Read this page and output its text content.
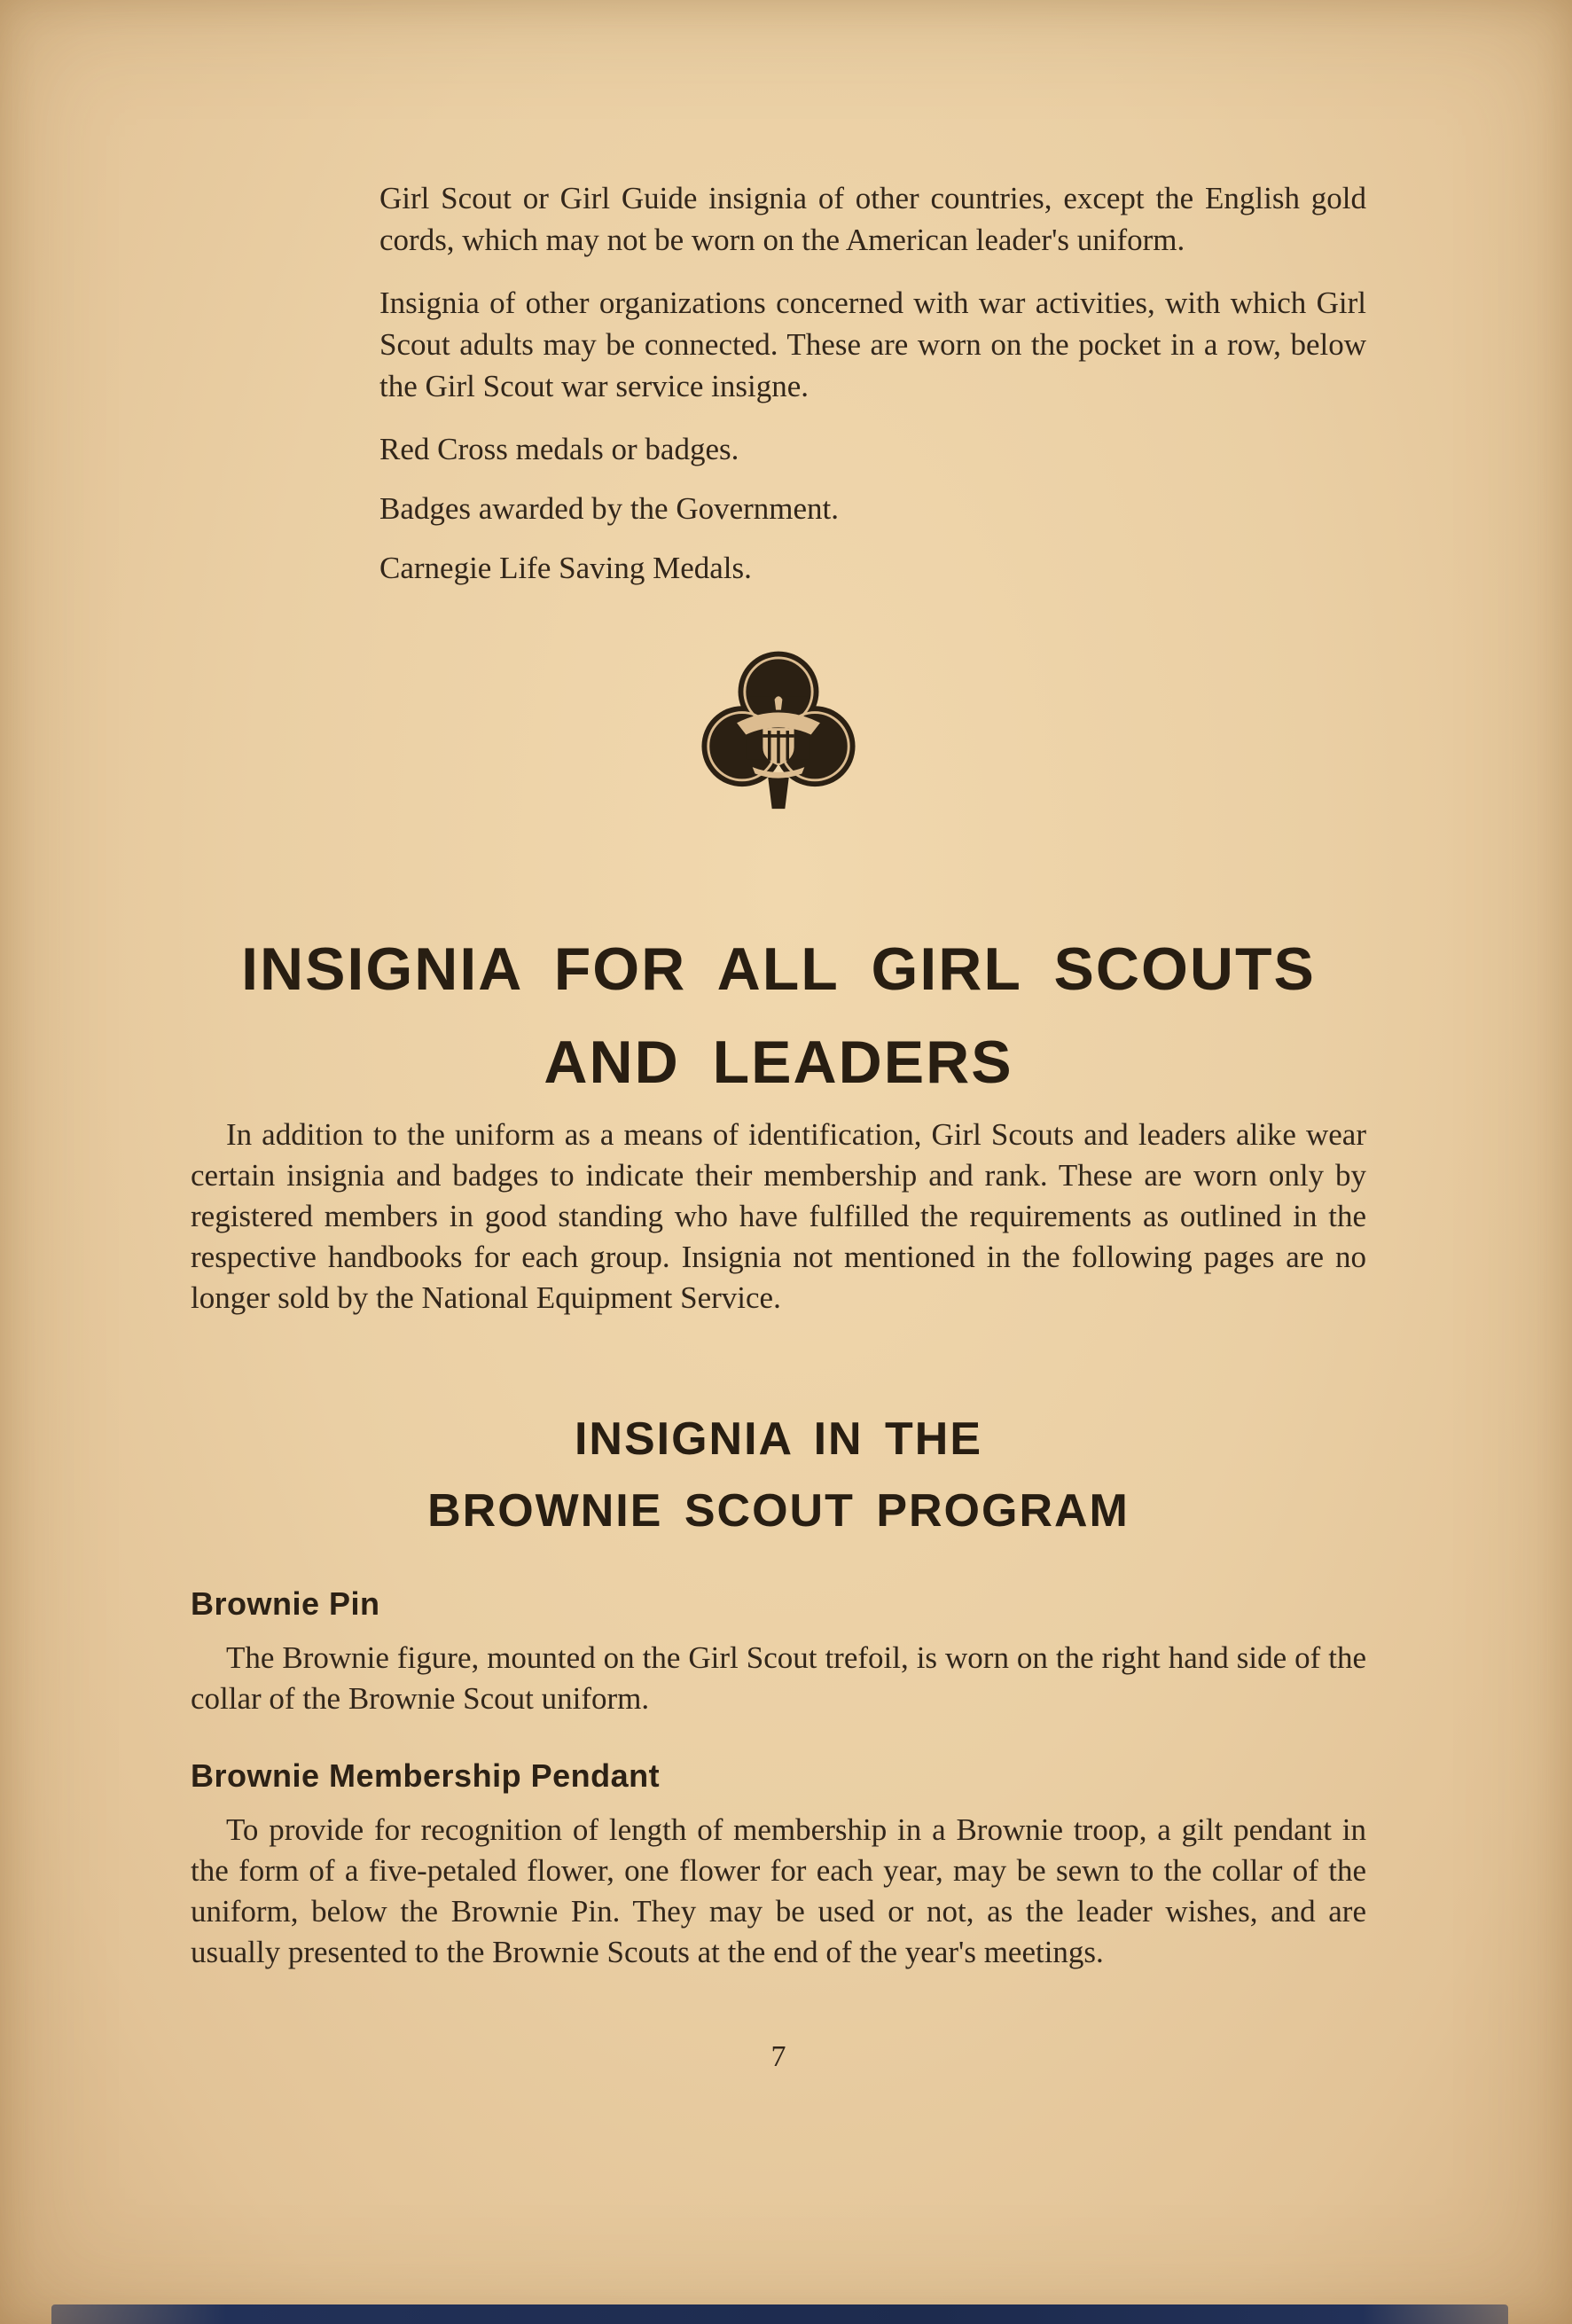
Girl Scout or Girl Guide insignia of other countries, except the English gold cords, which may not be worn on the American leader's uniform.

Insignia of other organizations concerned with war activities, with which Girl Scout adults may be connected. These are worn on the pocket in a row, below the Girl Scout war service insigne.

Red Cross medals or badges.

Badges awarded by the Government.

Carnegie Life Saving Medals.

INSIGNIA FOR ALL GIRL SCOUTS
AND LEADERS

In addition to the uniform as a means of identification, Girl Scouts and leaders alike wear certain insignia and badges to indicate their membership and rank. These are worn only by registered members in good standing who have fulfilled the requirements as outlined in the respective handbooks for each group. Insignia not mentioned in the following pages are no longer sold by the National Equipment Service.

INSIGNIA IN THE
BROWNIE SCOUT PROGRAM
Brownie Pin

The Brownie figure, mounted on the Girl Scout trefoil, is worn on the right hand side of the collar of the Brownie Scout uniform.

Brownie Membership Pendant

To provide for recognition of length of membership in a Brownie troop, a gilt pendant in the form of a five-petaled flower, one flower for each year, may be sewn to the collar of the uniform, below the Brownie Pin. They may be used or not, as the leader wishes, and are usually presented to the Brownie Scouts at the end of the year's meetings.

7
